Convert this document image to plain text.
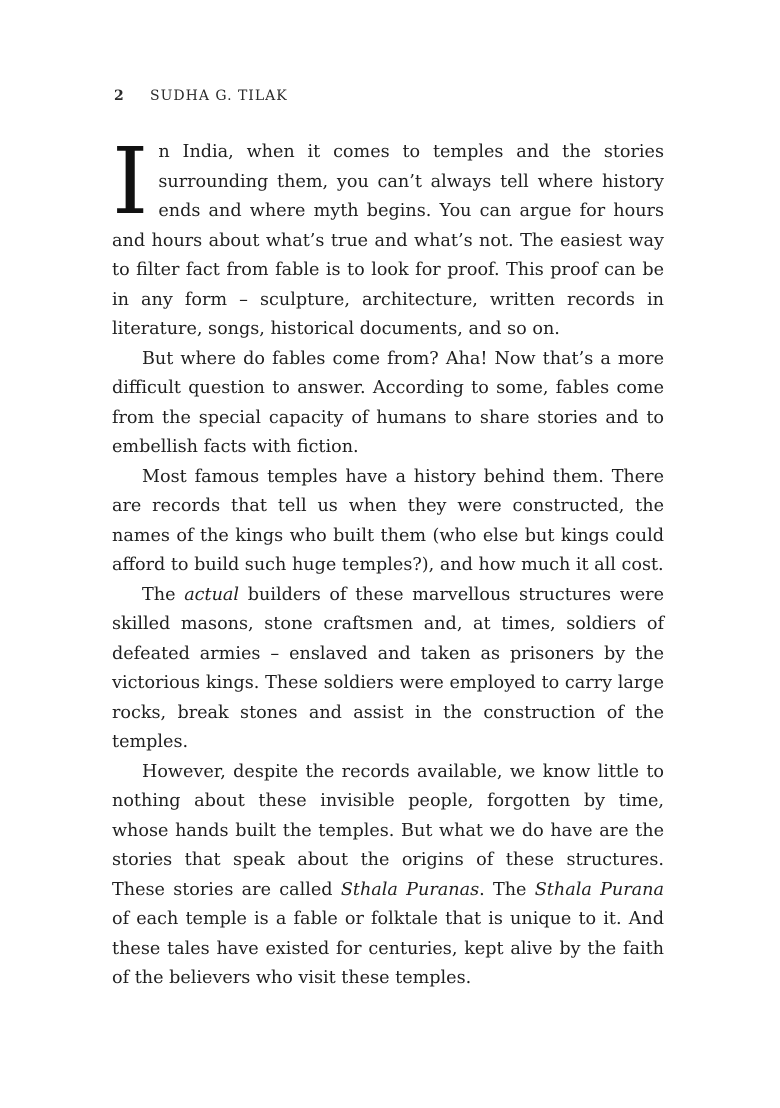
2 SUDHA G. TILAK

In India, when it comes to temples and the stories surrounding them, you can’t always tell where history ends and where myth begins. You can argue for hours and hours about what’s true and what’s not. The easiest way to filter fact from fable is to look for proof. This proof can be in any form – sculpture, architecture, written records in literature, songs, historical documents, and so on.

But where do fables come from? Aha! Now that’s a more difficult question to answer. According to some, fables come from the special capacity of humans to share stories and to embellish facts with fiction.

Most famous temples have a history behind them. There are records that tell us when they were constructed, the names of the kings who built them (who else but kings could afford to build such huge temples?), and how much it all cost.

The actual builders of these marvellous structures were skilled masons, stone craftsmen and, at times, soldiers of defeated armies – enslaved and taken as prisoners by the victorious kings. These soldiers were employed to carry large rocks, break stones and assist in the construction of the temples.

However, despite the records available, we know little to nothing about these invisible people, forgotten by time, whose hands built the temples. But what we do have are the stories that speak about the origins of these structures. These stories are called Sthala Puranas. The Sthala Purana of each temple is a fable or folktale that is unique to it. And these tales have existed for centuries, kept alive by the faith of the believers who visit these temples.
